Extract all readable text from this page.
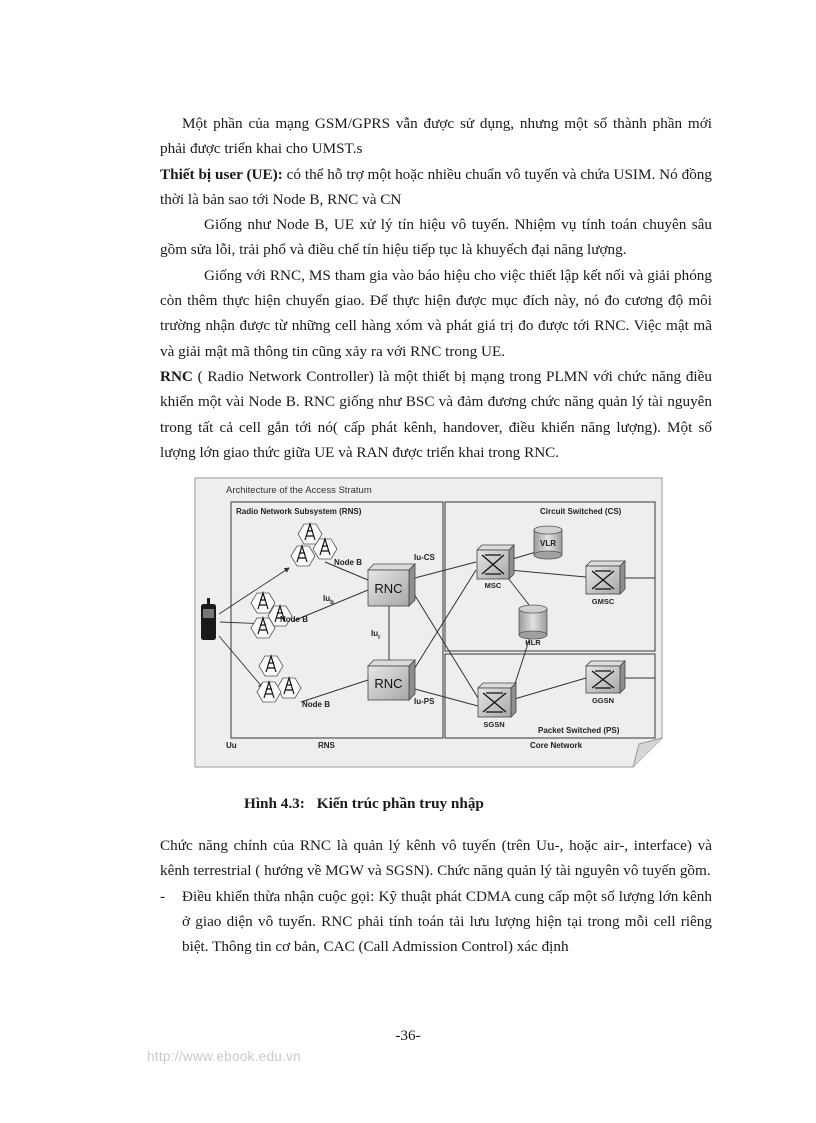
Một phần của mạng GSM/GPRS vẫn được sử dụng, nhưng một số thành phần mới phải được triển khai cho UMST.s

Thiết bị user (UE): có thể hỗ trợ một hoặc nhiều chuẩn vô tuyến và chứa USIM. Nó đồng thời là bản sao tới Node B, RNC và CN

Giống như Node B, UE xử lý tín hiệu vô tuyến. Nhiệm vụ tính toán chuyên sâu gồm sửa lỗi, trải phổ và điều chế tín hiệu tiếp tục là khuyếch đại năng lượng.

Giống với RNC, MS tham gia vào báo hiệu cho việc thiết lập kết nối và giải phóng còn thêm thực hiện chuyển giao. Để thực hiện được mục đích này, nó đo cương độ môi trường nhận được từ những cell hàng xóm và phát giá trị đo được tới RNC. Việc mật mã và giải mật mã thông tin cũng xảy ra với RNC trong UE.

RNC ( Radio Network Controller) là một thiết bị mạng trong PLMN với chức năng điều khiển một vài Node B. RNC giống như BSC và đảm đương chức năng quản lý tài nguyên trong tất cả cell gắn tới nó( cấp phát kênh, handover, điều khiển năng lượng). Một số lượng lớn giao thức giữa UE và RAN được triển khai trong RNC.

Architecture of the Access Stratum
Radio Network Subsystem (RNS)	Circuit Switched (CS)
Packet Switched (PS)
Uu	RNS	Core Network
Node B
Node B
Node B
Iu-CS
Iu-PS
$Iu_b$
$Iu_r$
RNC
RNC
MSC
VLR
GMSC
HLR
SGSN
GGSN
Hình 4.3: Kiến trúc phần truy nhập

Chức năng chính của RNC là quản lý kênh vô tuyến (trên Uu-, hoặc air-, interface) và kênh terrestrial ( hướng về MGW và SGSN). Chức năng quản lý tài nguyên vô tuyến gồm.

- Điều khiển thừa nhận cuộc gọi: Kỹ thuật phát CDMA cung cấp một số lượng lớn kênh ở giao diện vô tuyến. RNC phải tính toán tải lưu lượng hiện tại trong mỗi cell riêng biệt. Thông tin cơ bản, CAC (Call Admission Control) xác định
-36-
http://www.ebook.edu.vn
